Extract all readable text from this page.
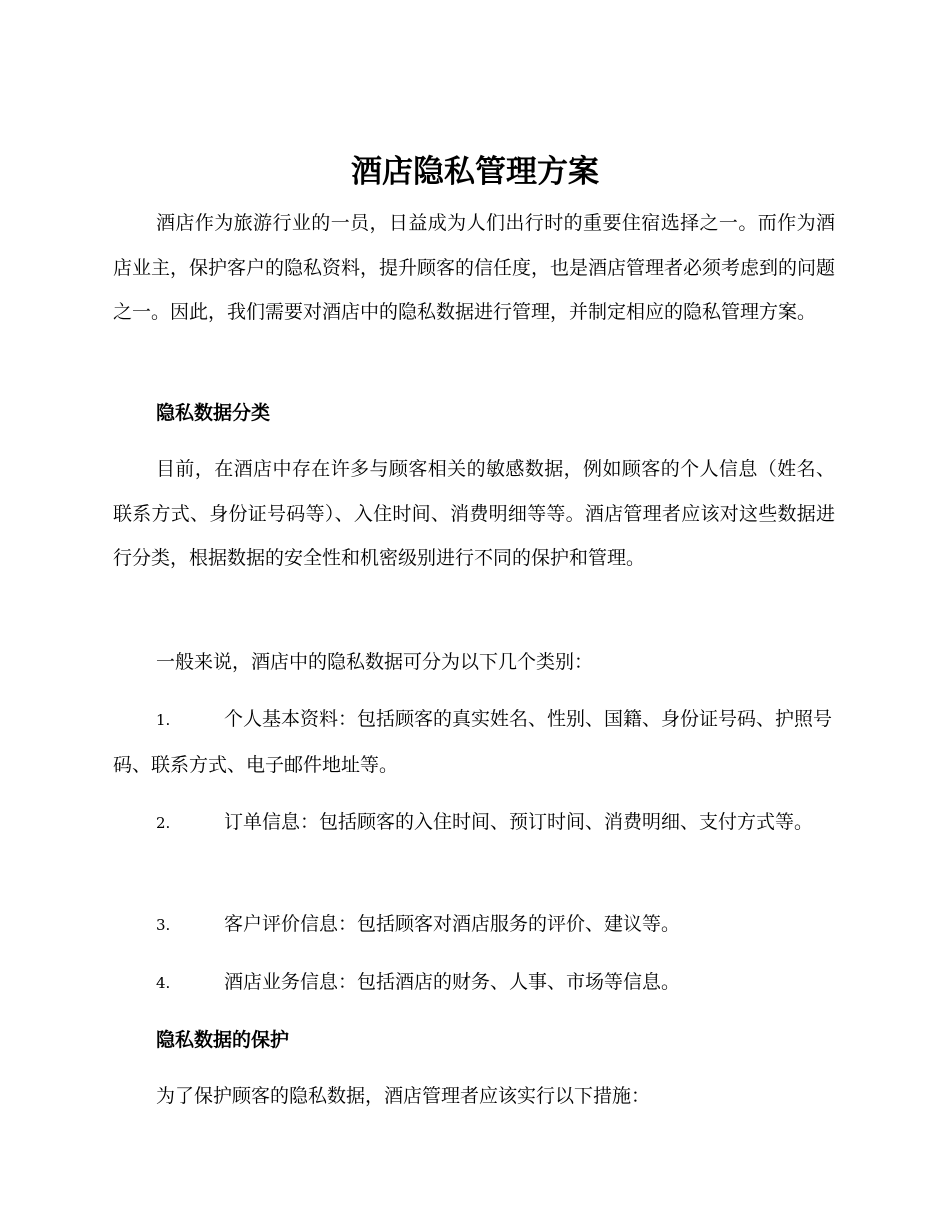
酒店隐私管理方案

酒店作为旅游行业的一员，日益成为人们出行时的重要住宿选择之一。而作为酒店业主，保护客户的隐私资料，提升顾客的信任度，也是酒店管理者必须考虑到的问题之一。因此，我们需要对酒店中的隐私数据进行管理，并制定相应的隐私管理方案。

隐私数据分类

目前，在酒店中存在许多与顾客相关的敏感数据，例如顾客的个人信息（姓名、联系方式、身份证号码等）、入住时间、消费明细等等。酒店管理者应该对这些数据进行分类，根据数据的安全性和机密级别进行不同的保护和管理。

一般来说，酒店中的隐私数据可分为以下几个类别：

1.	个人基本资料：包括顾客的真实姓名、性别、国籍、身份证号码、护照号码、联系方式、电子邮件地址等。

2.	订单信息：包括顾客的入住时间、预订时间、消费明细、支付方式等。

3.	客户评价信息：包括顾客对酒店服务的评价、建议等。

4.	酒店业务信息：包括酒店的财务、人事、市场等信息。

隐私数据的保护

为了保护顾客的隐私数据，酒店管理者应该实行以下措施：
